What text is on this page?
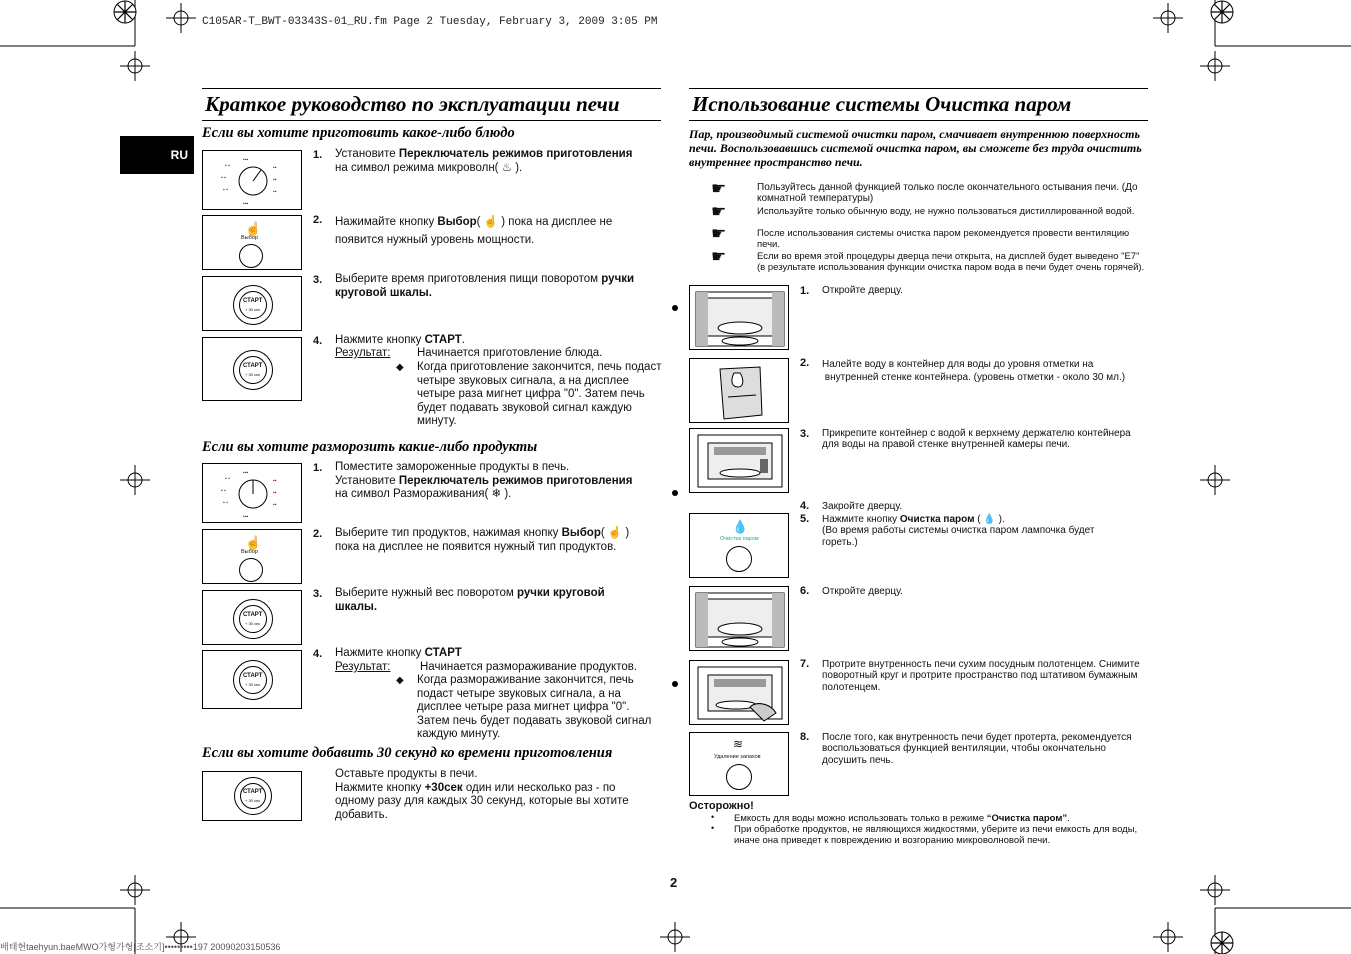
C105AR-T_BWT-03343S-01_RU.fm Page 2 Tuesday, February 3, 2009 3:05 PM
RU
Краткое руководство по эксплуатации печи
Если вы хотите приготовить какое-либо блюдо
▪ ▪
▪ ▪
▪ ▪
▪▪▪
▪▪▪
▪▪
▪▪
▪▪
☝
Выбор
СТАРТ
+ 30 сек
СТАРТ
+ 30 сек
1. Установите Переключатель режимов приготовления
на символ режима микроволн( ♨ ).
2. Нажимайте кнопку Выбор( ☝ ) пока на дисплее не
появится нужный уровень мощности.
3. Выберите время приготовления пищи поворотом ручки
круговой шкалы.
4. Нажмите кнопку СТАРТ.
Результат: Начинается приготовление блюда.
◆ Когда приготовление закончится, печь подаст четыре звуковых сигнала, а на дисплее четыре раза мигнет цифра "0". Затем печь будет подавать звуковой сигнал каждую минуту.
Если вы хотите разморозить какие-либо продукты
▪ ▪
▪ ▪
▪ ▪
▪▪▪
▪▪▪
▪▪
▪▪
▪▪
☝
Выбор
СТАРТ
+ 30 сек
СТАРТ
+ 30 сек
1. Поместите замороженные продукты в печь.
Установите Переключатель режимов приготовления
на символ Размораживания( ❄ ).
2. Выберите тип продуктов, нажимая кнопку Выбор( ☝ )
пока на дисплее не появится нужный тип продуктов.
3. Выберите нужный вес поворотом ручки круговой
шкалы.
4. Нажмите кнопку СТАРТ
Результат:	Начинается размораживание продуктов.
◆ Когда размораживание закончится, печь подаст четыре звуковых сигнала, а на дисплее четыре раза мигнет цифра "0". Затем печь будет подавать звуковой сигнал каждую минуту.
Если вы хотите добавить 30 секунд ко времени приготовления
СТАРТ
+ 30 сек
Оставьте продукты в печи.
Нажмите кнопку +30сек один или несколько раз - по
одному разу для каждых 30 секунд, которые вы хотите
добавить.
Использование системы Очистка паром
Пар, производимый системой очистки паром, смачивает внутреннюю поверхность печи. Воспользовавшись системой очистка паром, вы сможете без труда очистить внутреннее пространство печи.
☛	Пользуйтесь данной функцией только после окончательного остывания печи. (До комнатной температуры)
☛	Используйте только обычную воду, не нужно пользоваться дистиллированной водой.
☛	После использования системы очистка паром рекомендуется провести вентиляцию печи.
☛	Если во время этой процедуры дверца печи открыта, на дисплей будет выведено "E7" (в результате использования функции очистка паром вода в печи будет очень горячей).
💧
Очистка паром
≋
Удаление запахов
1. Откройте дверцу.
2. Налейте воду в контейнер для воды до уровня отметки на
внутренней стенке контейнера. (уровень отметки - около 30 мл.)
3. Прикрепите контейнер с водой к верхнему держателю контейнера для воды на правой стенке внутренней камеры печи.
4. Закройте дверцу.
5. Нажмите кнопку Очистка паром ( 💧 ).
(Во время работы системы очистка паром лампочка будет гореть.)
6. Откройте дверцу.
7. Протрите внутренность печи сухим посудным полотенцем. Снимите поворотный круг и протрите пространство под штативом бумажным полотенцем.
8. После того, как внутренность печи будет протерта, рекомендуется воспользоваться функцией вентиляции, чтобы окончательно досушить печь.
Осторожно!
• Емкость для воды можно использовать только в режиме “Очистка паром”.
• При обработке продуктов, не являющихся жидкостями, уберите из печи емкость для воды, иначе она приведет к повреждению и возгоранию микроволновой печи.
2
배태현taehyun.baeMWO가형가형[조소기]•••••••••197 20090203150536
